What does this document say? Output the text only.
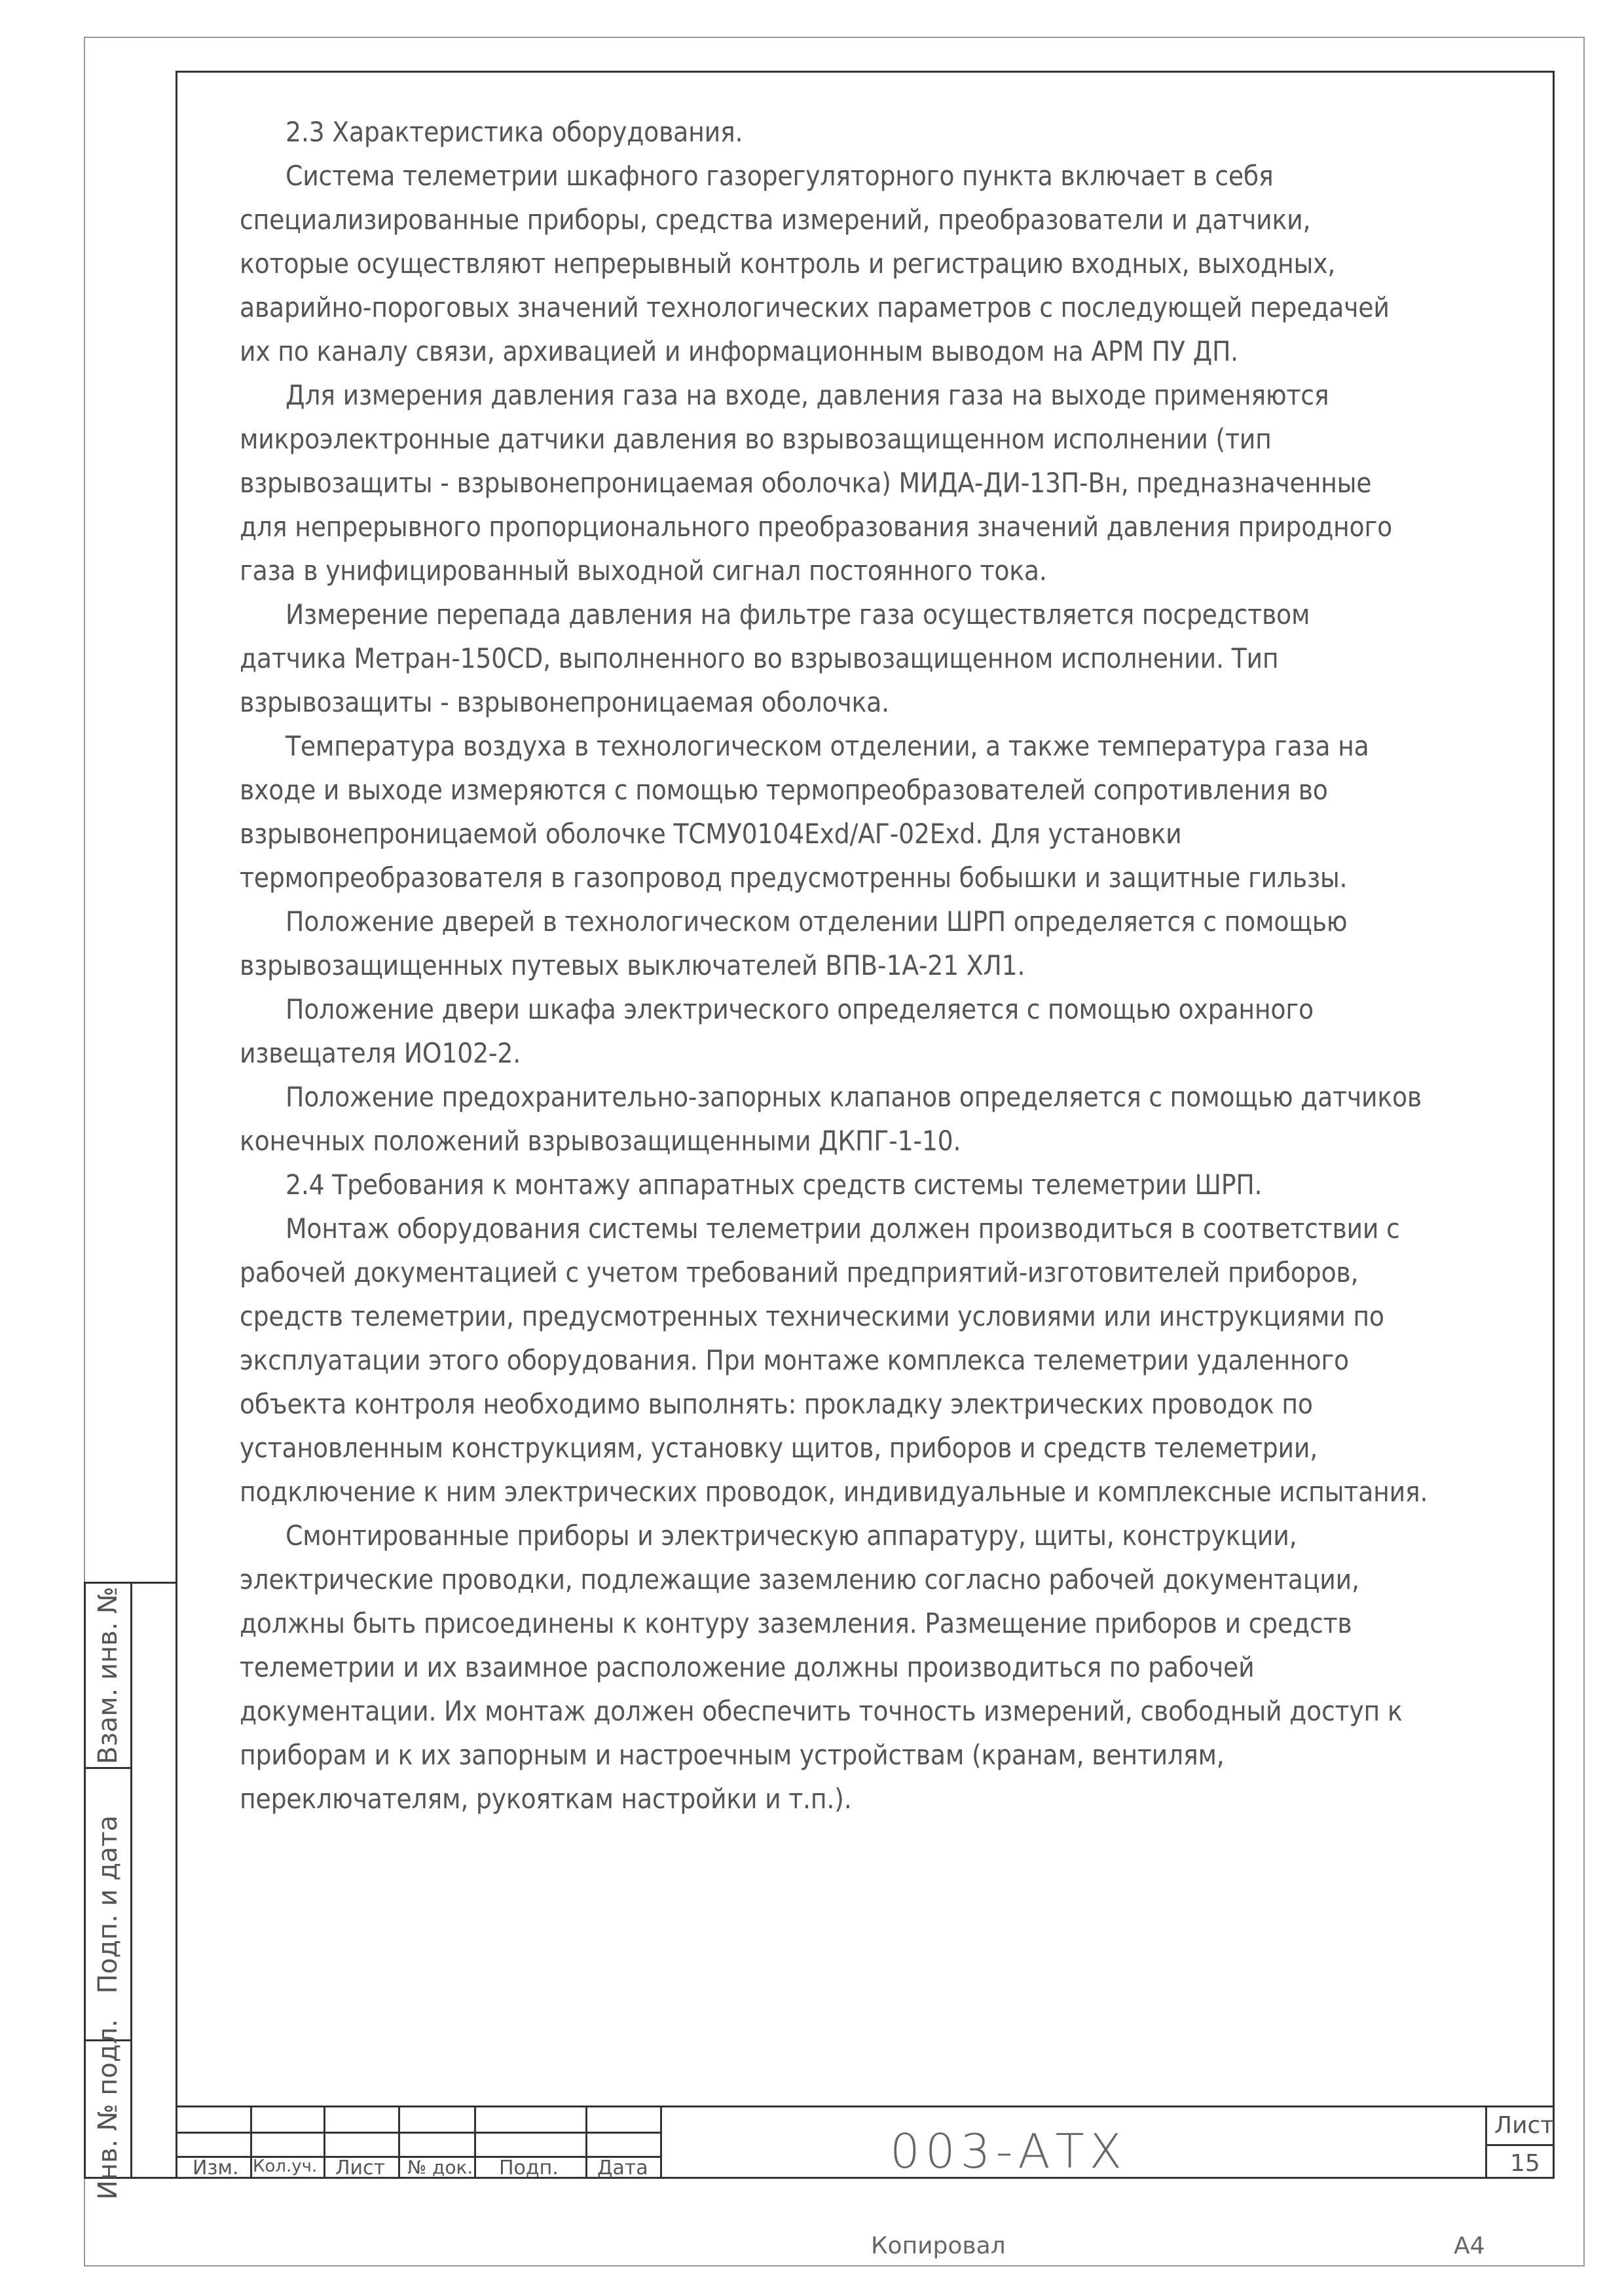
2.3 Характеристика оборудования.
Система телеметрии шкафного газорегуляторного пункта включает в себя
специализированные приборы, средства измерений, преобразователи и датчики,
которые осуществляют непрерывный контроль и регистрацию входных, выходных,
аварийно-пороговых значений технологических параметров с последующей передачей
их по каналу связи, архивацией и информационным выводом на АРМ ПУ ДП.
Для измерения давления газа на входе, давления газа на выходе применяются
микроэлектронные датчики давления во взрывозащищенном исполнении (тип
взрывозащиты - взрывонепроницаемая оболочка) МИДА-ДИ-13П-Вн, предназначенные
для непрерывного пропорционального преобразования значений давления природного
газа в унифицированный выходной сигнал постоянного тока.
Измерение перепада давления на фильтре газа осуществляется посредством
датчика Метран-150CD, выполненного во взрывозащищенном исполнении. Тип
взрывозащиты - взрывонепроницаемая оболочка.
Температура воздуха в технологическом отделении, а также температура газа на
входе и выходе измеряются с помощью термопреобразователей сопротивления во
взрывонепроницаемой оболочке ТСМУ0104Exd/АГ-02Exd. Для установки
термопреобразователя в газопровод предусмотренны бобышки и защитные гильзы.
Положение дверей в технологическом отделении ШРП определяется с помощью
взрывозащищенных путевых выключателей ВПВ-1А-21 ХЛ1.
Положение двери шкафа электрического определяется с помощью охранного
извещателя ИО102-2.
Положение предохранительно-запорных клапанов определяется с помощью датчиков
конечных положений взрывозащищенными ДКПГ-1-10.
2.4 Требования к монтажу аппаратных средств системы телеметрии ШРП.
Монтаж оборудования системы телеметрии должен производиться в соответствии с
рабочей документацией с учетом требований предприятий-изготовителей приборов,
средств телеметрии, предусмотренных техническими условиями или инструкциями по
эксплуатации этого оборудования. При монтаже комплекса телеметрии удаленного
объекта контроля необходимо выполнять: прокладку электрических проводок по
установленным конструкциям, установку щитов, приборов и средств телеметрии,
подключение к ним электрических проводок, индивидуальные и комплексные испытания.
Смонтированные приборы и электрическую аппаратуру, щиты, конструкции,
электрические проводки, подлежащие заземлению согласно рабочей документации,
должны быть присоединены к контуру заземления. Размещение приборов и средств
телеметрии и их взаимное расположение должны производиться по рабочей
документации. Их монтаж должен обеспечить точность измерений, свободный доступ к
приборам и к их запорным и настроечным устройствам (кранам, вентилям,
переключателям, рукояткам настройки и т.п.).
Взам. инв. №
Подп. и дата
Инв. № подл.	Изм. Кол.уч. Лист № док. Подп. Дата	003-АТХ	Лист
15
Копировал	А4
